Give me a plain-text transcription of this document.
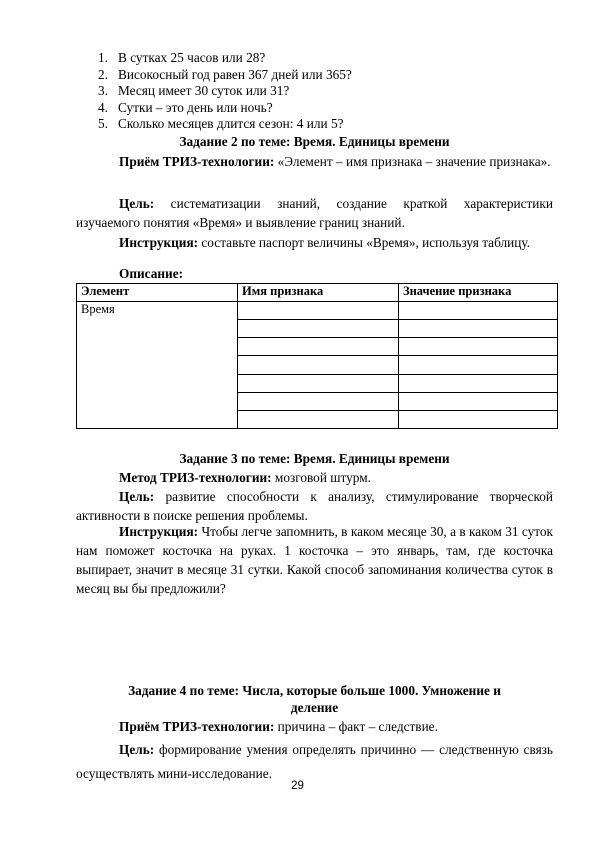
1. В сутках 25 часов или 28?
2. Високосный год равен 367 дней или 365?
3. Месяц имеет 30 суток или 31?
4. Сутки – это день или ночь?
5. Сколько месяцев длится сезон: 4 или 5?
Задание 2 по теме: Время. Единицы времени

Приём ТРИЗ-технологии: «Элемент – имя признака – значение признака».

Цель: систематизации знаний, создание краткой характеристики изучаемого понятия «Время» и выявление границ знаний.

Инструкция: составьте паспорт величины «Время», используя таблицу.

Описание:
Элемент	Имя признака	Значение признака
Время		

Задание 3 по теме: Время. Единицы времени

Метод ТРИЗ-технологии: мозговой штурм.

Цель: развитие способности к анализу, стимулирование творческой активности в поиске решения проблемы.

Инструкция: Чтобы легче запомнить, в каком месяце 30, а в каком 31 суток нам поможет косточка на руках. 1 косточка – это январь, там, где косточка выпирает, значит в месяце 31 сутки. Какой способ запоминания количества суток в месяц вы бы предложили?

Задание 4 по теме: Числа, которые больше 1000. Умножение и
деление

Приём ТРИЗ-технологии: причина – факт – следствие.

Цель: формирование умения определять причинно — следственную связь осуществлять мини-исследование.

29
